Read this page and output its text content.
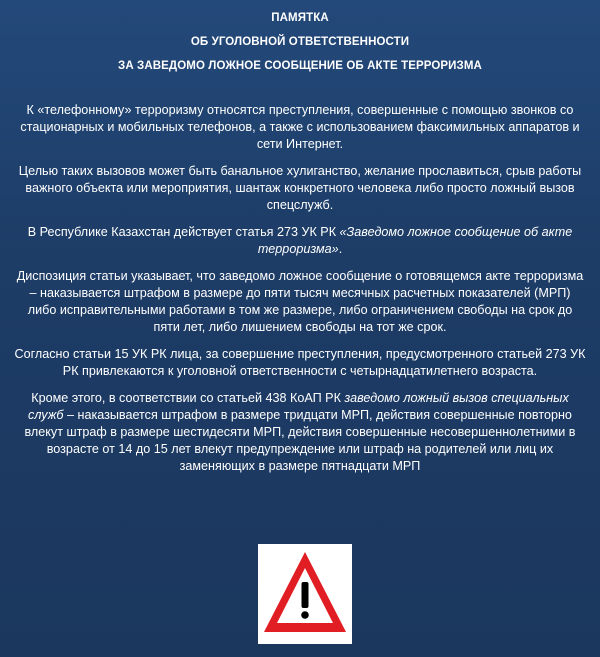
ПАМЯТКА
ОБ УГОЛОВНОЙ ОТВЕТСТВЕННОСТИ
ЗА ЗАВЕДОМО ЛОЖНОЕ СООБЩЕНИЕ ОБ АКТЕ ТЕРРОРИЗМА

К «телефонному» терроризму относятся преступления, совершенные с помощью звонков со стационарных и мобильных телефонов, а также с использованием факсимильных аппаратов и сети Интернет.

Целью таких вызовов может быть банальное хулиганство, желание прославиться, срыв работы важного объекта или мероприятия, шантаж конкретного человека либо просто ложный вызов спецслужб.

В Республике Казахстан действует статья 273 УК РК «Заведомо ложное сообщение об акте терроризма».

Диспозиция статьи указывает, что заведомо ложное сообщение о готовящемся акте терроризма – наказывается штрафом в размере до пяти тысяч месячных расчетных показателей (МРП) либо исправительными работами в том же размере, либо ограничением свободы на срок до пяти лет, либо лишением свободы на тот же срок.

Согласно статьи 15 УК РК лица, за совершение преступления, предусмотренного статьей 273 УК РК привлекаются к уголовной ответственности с четырнадцатилетнего возраста.

Кроме этого, в соответствии со статьей 438 КоАП РК заведомо ложный вызов специальных служб – наказывается штрафом в размере тридцати МРП, действия совершенные повторно влекут штраф в размере шестидесяти МРП, действия совершенные несовершеннолетними в возрасте от 14 до 15 лет влекут предупреждение или штраф на родителей или лиц их заменяющих в размере пятнадцати МРП
